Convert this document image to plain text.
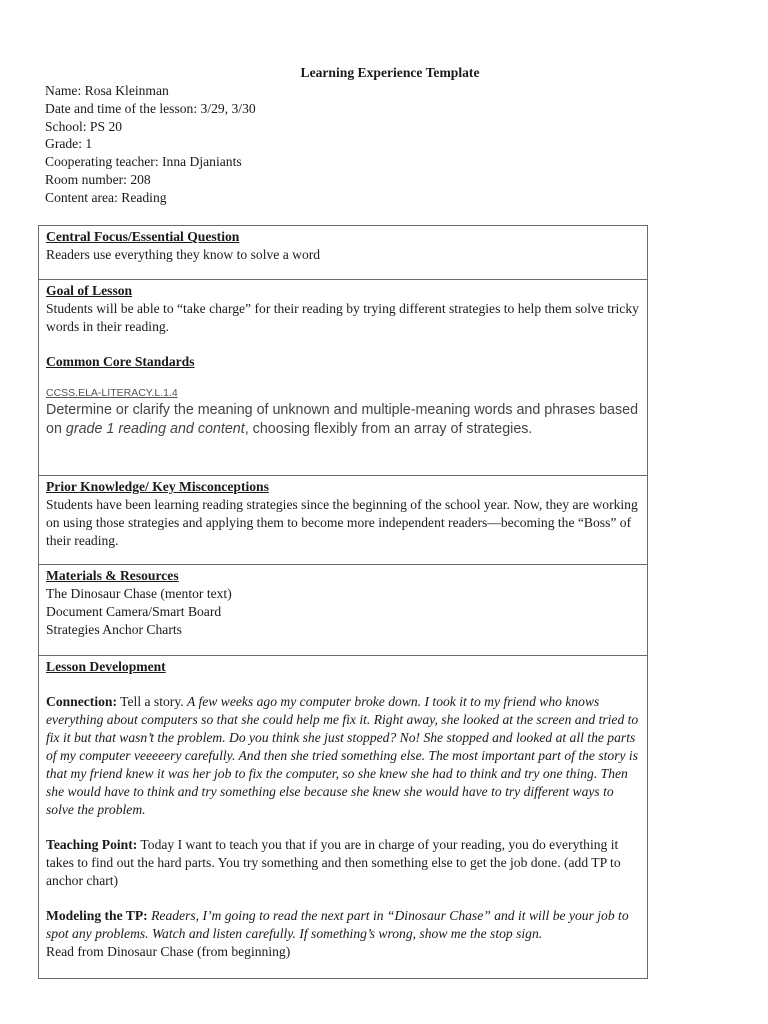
Learning Experience Template
Name: Rosa Kleinman
Date and time of the lesson: 3/29, 3/30
School: PS 20
Grade: 1
Cooperating teacher: Inna Djaniants
Room number: 208
Content area: Reading
Central Focus/Essential Question
Readers use everything they know to solve a word

Goal of Lesson
Students will be able to “take charge” for their reading by trying different strategies to help them solve tricky words in their reading.
Common Core Standards
CCSS.ELA-LITERACY.L.1.4
Determine or clarify the meaning of unknown and multiple-meaning words and phrases based on grade 1 reading and content, choosing flexibly from an array of strategies.

Prior Knowledge/ Key Misconceptions
Students have been learning reading strategies since the beginning of the school year. Now, they are working on using those strategies and applying them to become more independent readers—becoming the “Boss” of their reading.

Materials & Resources
The Dinosaur Chase (mentor text)
Document Camera/Smart Board
Strategies Anchor Charts

Lesson Development
Connection: Tell a story. A few weeks ago my computer broke down. I took it to my friend who knows everything about computers so that she could help me fix it. Right away, she looked at the screen and tried to fix it but that wasn’t the problem. Do you think she just stopped? No! She stopped and looked at all the parts of my computer veeeeery carefully. And then she tried something else. The most important part of the story is that my friend knew it was her job to fix the computer, so she knew she had to think and try one thing. Then she would have to think and try something else because she knew she would have to try different ways to solve the problem.
Teaching Point: Today I want to teach you that if you are in charge of your reading, you do everything it takes to find out the hard parts. You try something and then something else to get the job done. (add TP to anchor chart)
Modeling the TP: Readers, I’m going to read the next part in “Dinosaur Chase” and it will be your job to spot any problems. Watch and listen carefully. If something’s wrong, show me the stop sign.
Read from Dinosaur Chase (from beginning)
